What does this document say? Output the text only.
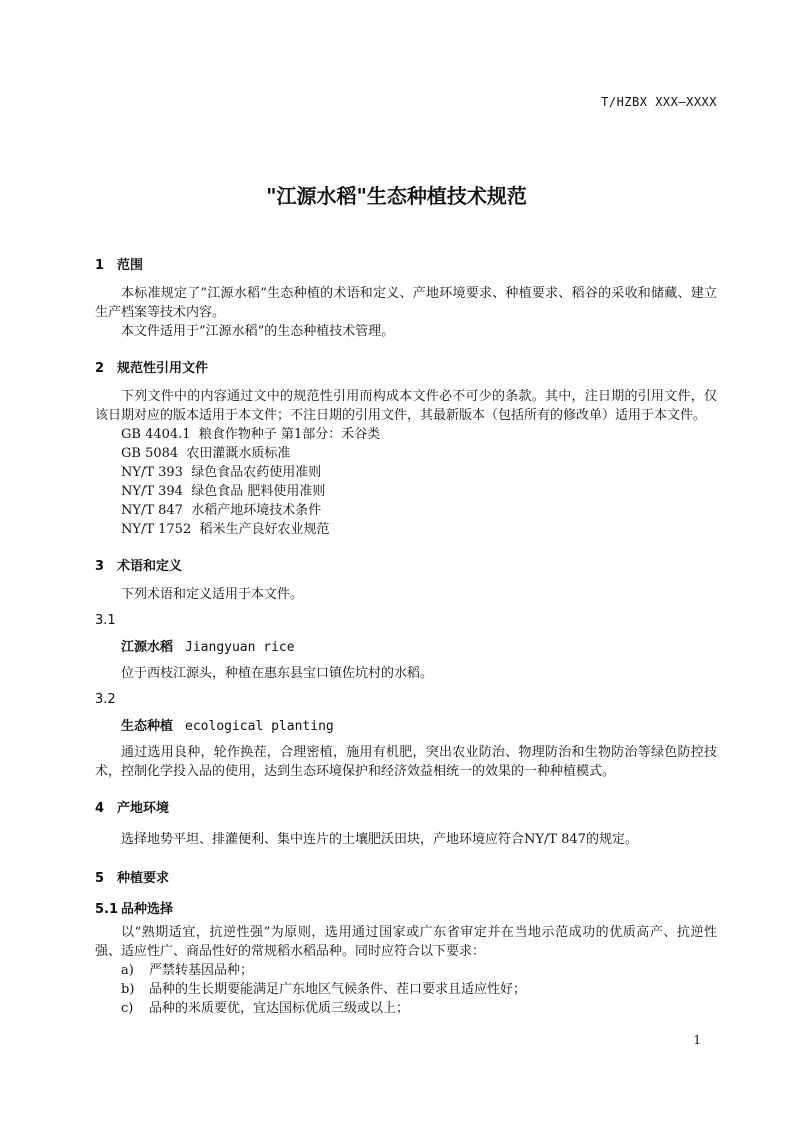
T/HZBX XXX—XXXX
"江源水稻"生态种植技术规范
1 范围
本标准规定了”江源水稻”生态种植的术语和定义、产地环境要求、种植要求、稻谷的采收和储藏、建立生产档案等技术内容。
本文件适用于”江源水稻”的生态种植技术管理。
2 规范性引用文件
下列文件中的内容通过文中的规范性引用而构成本文件必不可少的条款。其中，注日期的引用文件，仅该日期对应的版本适用于本文件；不注日期的引用文件，其最新版本（包括所有的修改单）适用于本文件。
GB 4404.1 粮食作物种子 第1部分：禾谷类
GB 5084 农田灌溉水质标准
NY/T 393 绿色食品农药使用准则
NY/T 394 绿色食品 肥料使用准则
NY/T 847 水稻产地环境技术条件
NY/T 1752 稻米生产良好农业规范
3 术语和定义
下列术语和定义适用于本文件。
3.1
江源水稻 Jiangyuan rice
位于西枝江源头，种植在惠东县宝口镇佐坑村的水稻。
3.2
生态种植 ecological planting
通过选用良种，轮作换茬，合理密植，施用有机肥，突出农业防治、物理防治和生物防治等绿色防控技术，控制化学投入品的使用，达到生态环境保护和经济效益相统一的效果的一种种植模式。
4 产地环境
选择地势平坦、排灌便利、集中连片的土壤肥沃田块，产地环境应符合NY/T 847的规定。
5 种植要求
5.1 品种选择
以“熟期适宜，抗逆性强”为原则，选用通过国家或广东省审定并在当地示范成功的优质高产、抗逆性强、适应性广、商品性好的常规稻水稻品种。同时应符合以下要求：
a) 严禁转基因品种；
b) 品种的生长期要能满足广东地区气候条件、茬口要求且适应性好；
c) 品种的米质要优，宜达国标优质三级或以上；
1
